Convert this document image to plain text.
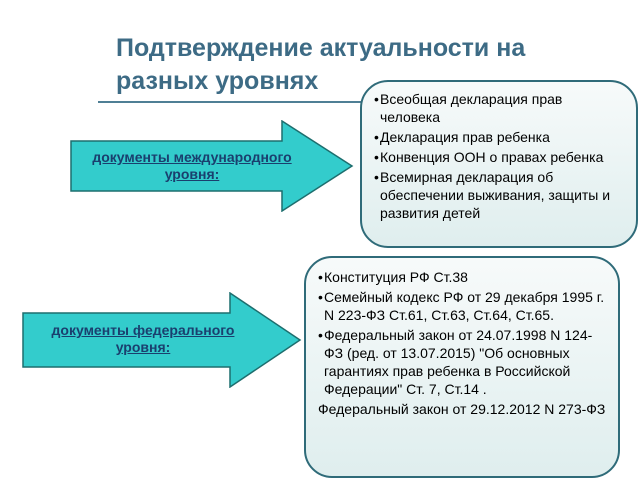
Подтверждение актуальности на разных уровнях
документы международного уровня:
•Всеобщая декларация прав человека
•Декларация прав ребенка
•Конвенция ООН о правах ребенка
•Всемирная декларация об обеспечении выживания, защиты и развития детей
документы федерального уровня:
•Конституция РФ Ст.38
•Семейный кодекс РФ от 29 декабря 1995 г. N 223-ФЗ Ст.61, Ст.63, Ст.64, Ст.65.
•Федеральный закон от 24.07.1998 N 124-ФЗ (ред. от 13.07.2015) "Об основных гарантиях прав ребенка в Российской Федерации" Ст. 7, Ст.14 .
Федеральный закон от 29.12.2012 N 273-ФЗ
